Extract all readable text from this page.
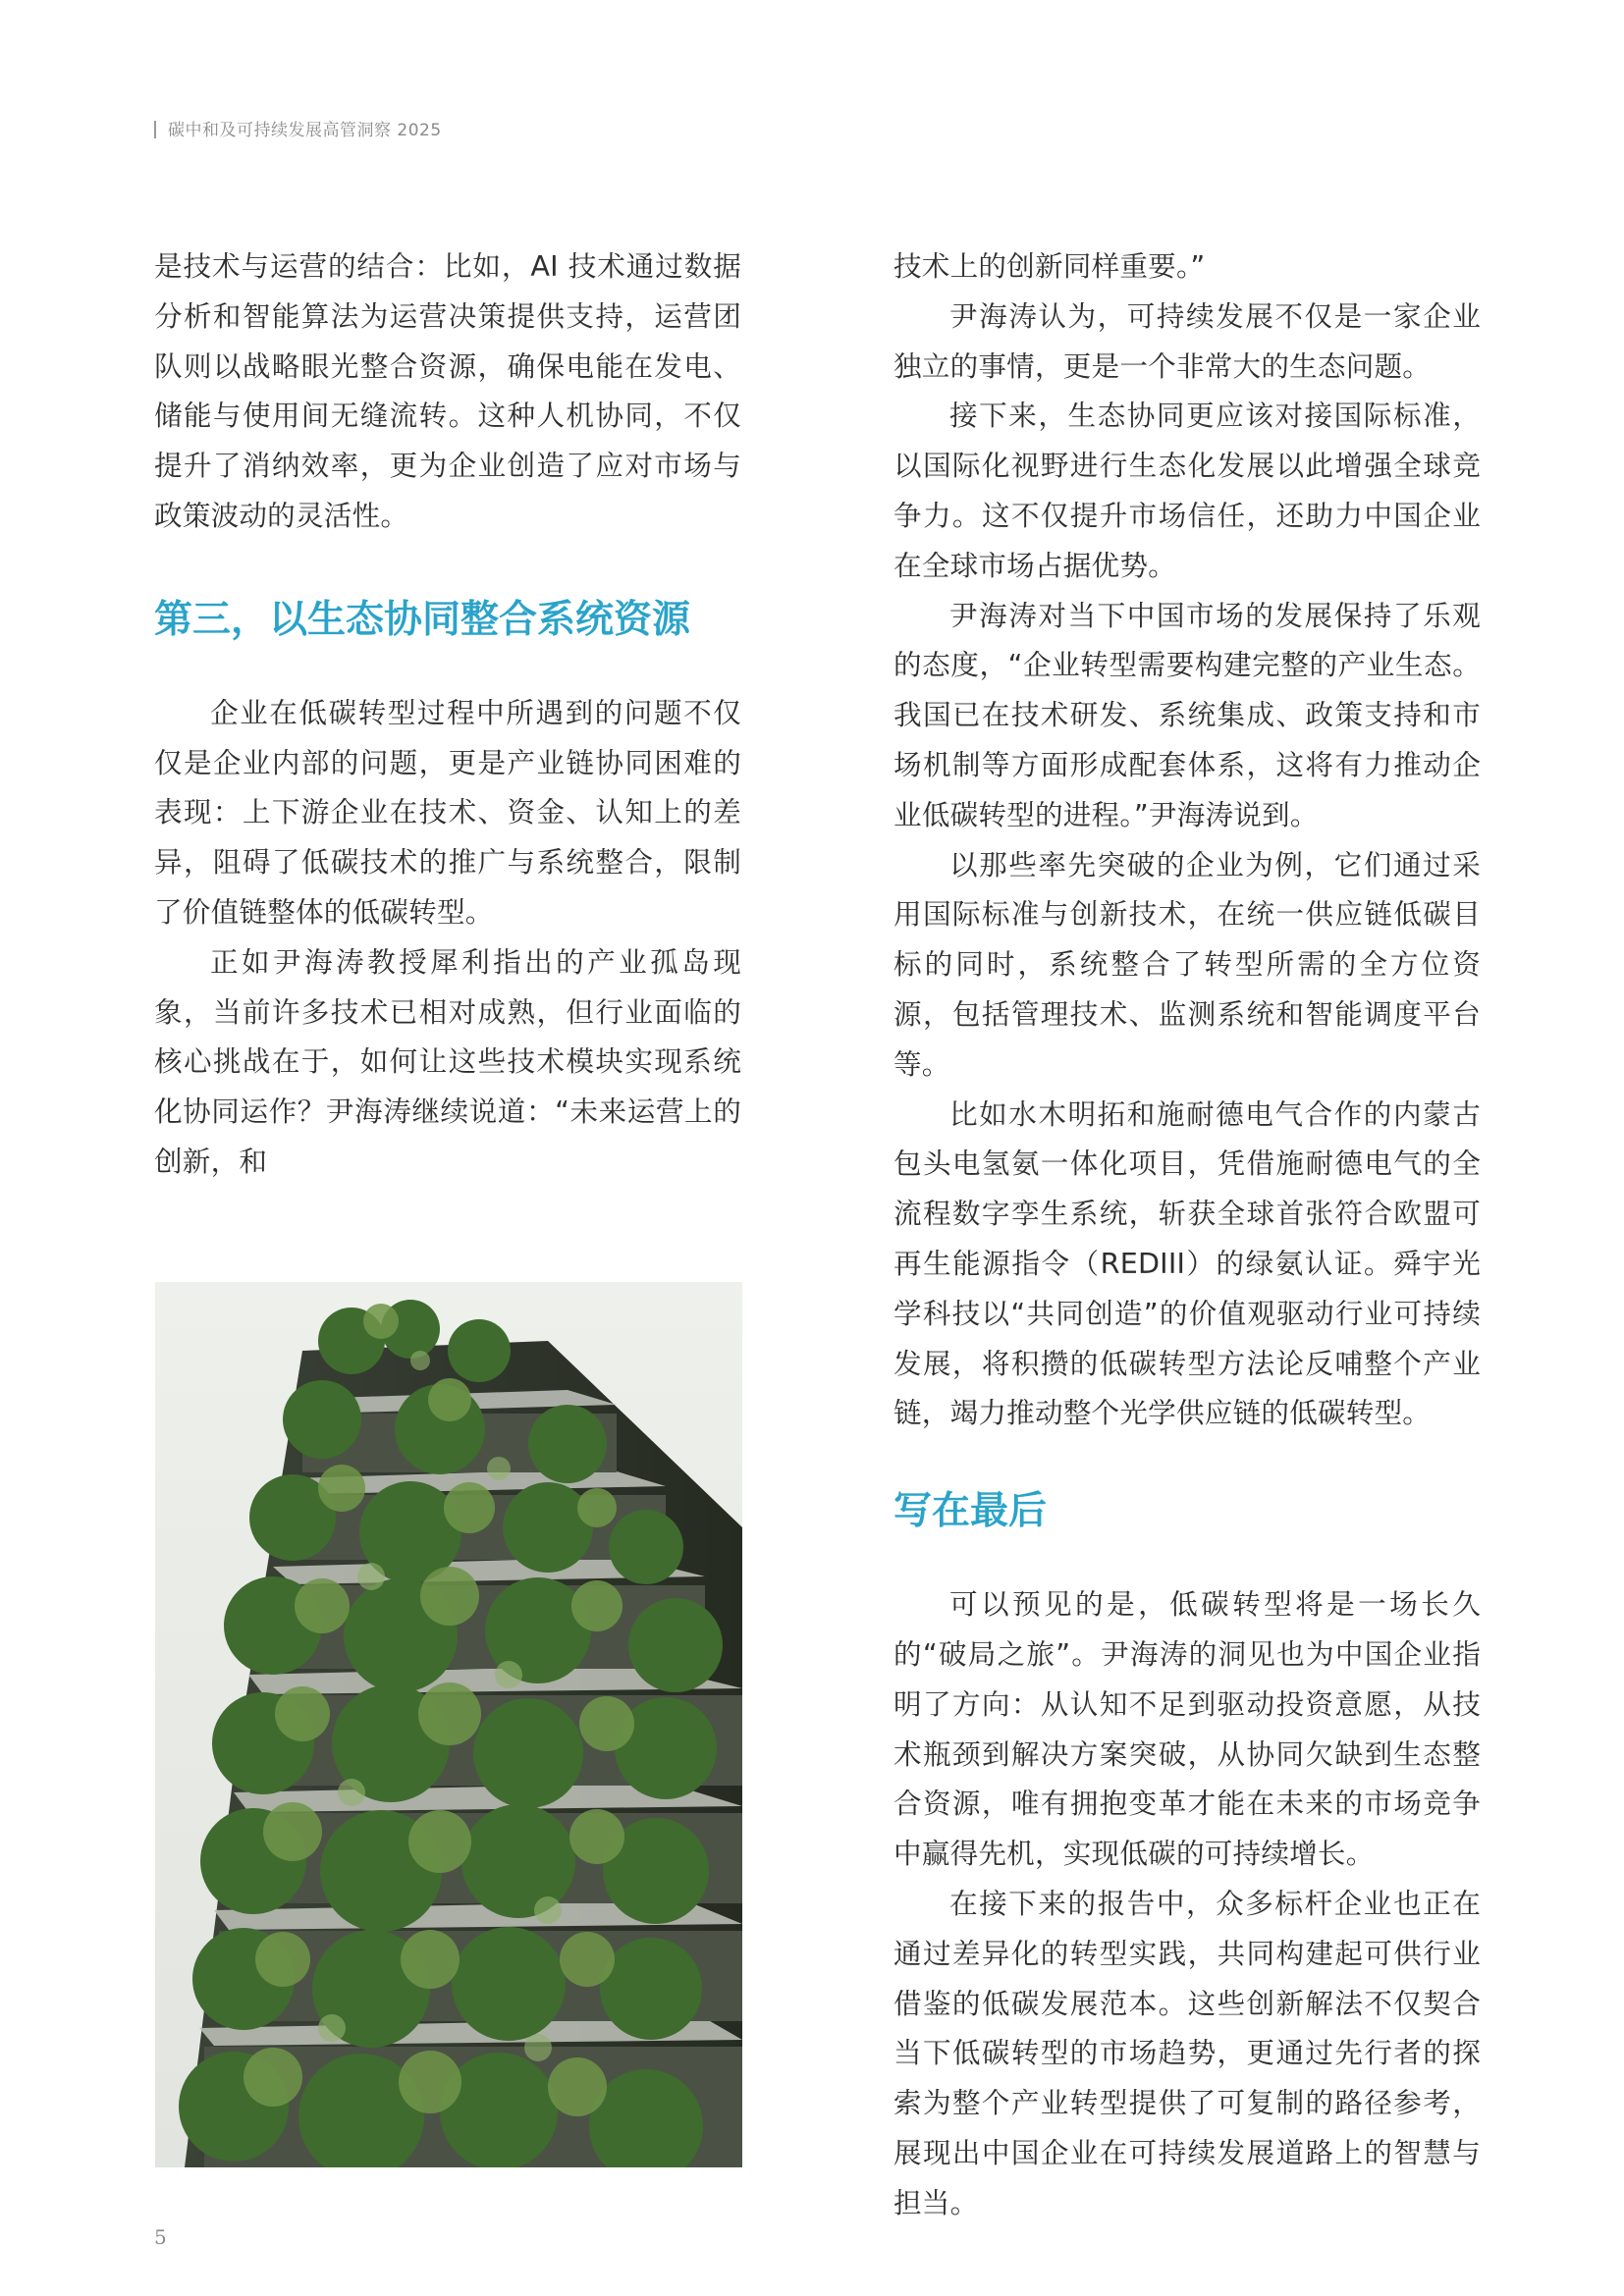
碳中和及可持续发展高管洞察 2025

是技术与运营的结合：比如，AI 技术通过数据分析和智能算法为运营决策提供支持，运营团队则以战略眼光整合资源，确保电能在发电、储能与使用间无缝流转。这种人机协同，不仅提升了消纳效率，更为企业创造了应对市场与政策波动的灵活性。

第三，以生态协同整合系统资源

企业在低碳转型过程中所遇到的问题不仅仅是企业内部的问题，更是产业链协同困难的表现：上下游企业在技术、资金、认知上的差异，阻碍了低碳技术的推广与系统整合，限制了价值链整体的低碳转型。

正如尹海涛教授犀利指出的产业孤岛现象，当前许多技术已相对成熟，但行业面临的核心挑战在于，如何让这些技术模块实现系统化协同运作？尹海涛继续说道：“未来运营上的创新，和

技术上的创新同样重要。”

尹海涛认为，可持续发展不仅是一家企业独立的事情，更是一个非常大的生态问题。

接下来，生态协同更应该对接国际标准，以国际化视野进行生态化发展以此增强全球竞争力。这不仅提升市场信任，还助力中国企业在全球市场占据优势。

尹海涛对当下中国市场的发展保持了乐观的态度，“企业转型需要构建完整的产业生态。我国已在技术研发、系统集成、政策支持和市场机制等方面形成配套体系，这将有力推动企业低碳转型的进程。”尹海涛说到。

以那些率先突破的企业为例，它们通过采用国际标准与创新技术，在统一供应链低碳目标的同时，系统整合了转型所需的全方位资源，包括管理技术、监测系统和智能调度平台等。

比如水木明拓和施耐德电气合作的内蒙古包头电氢氨一体化项目，凭借施耐德电气的全流程数字孪生系统，斩获全球首张符合欧盟可再生能源指令（REDIII）的绿氨认证。舜宇光学科技以“共同创造”的价值观驱动行业可持续发展，将积攒的低碳转型方法论反哺整个产业链，竭力推动整个光学供应链的低碳转型。

写在最后

可以预见的是，低碳转型将是一场长久的“破局之旅”。尹海涛的洞见也为中国企业指明了方向：从认知不足到驱动投资意愿，从技术瓶颈到解决方案突破，从协同欠缺到生态整合资源，唯有拥抱变革才能在未来的市场竞争中赢得先机，实现低碳的可持续增长。

在接下来的报告中，众多标杆企业也正在通过差异化的转型实践，共同构建起可供行业借鉴的低碳发展范本。这些创新解法不仅契合当下低碳转型的市场趋势，更通过先行者的探索为整个产业转型提供了可复制的路径参考，展现出中国企业在可持续发展道路上的智慧与担当。

5
